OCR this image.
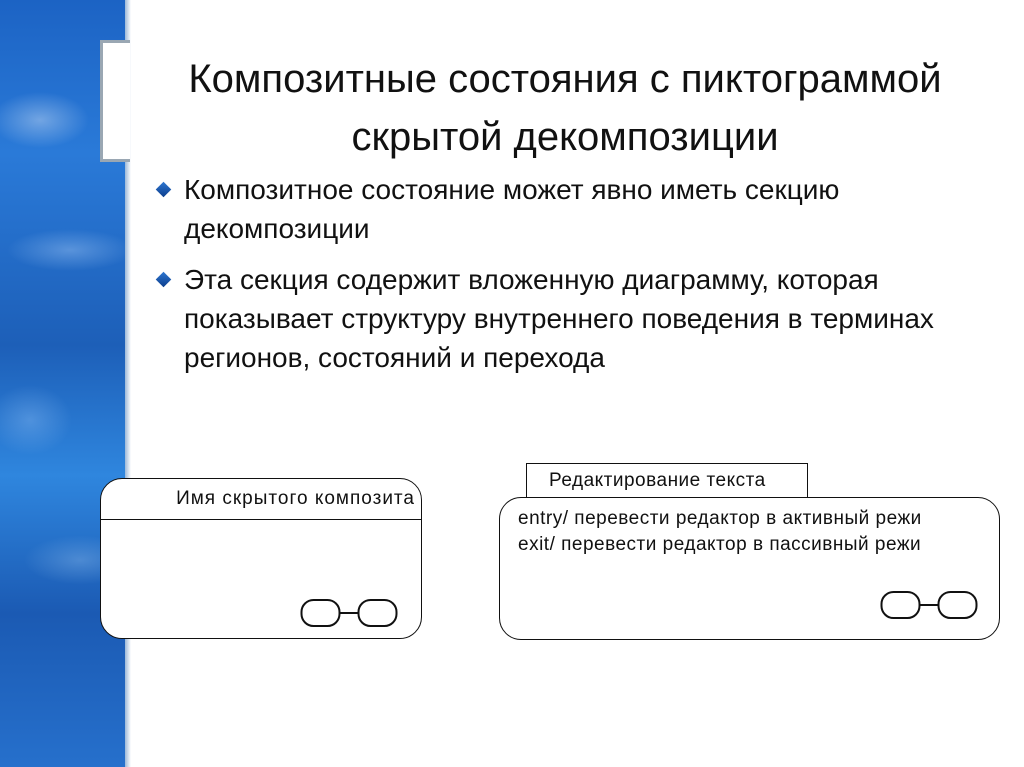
Композитные состояния с пиктограммой
скрытой декомпозиции
Композитное состояние может явно иметь секцию
декомпозиции
Эта секция содержит вложенную диаграмму, которая
показывает структуру внутреннего поведения в терминах
регионов, состояний и перехода
Имя скрытого композита
Редактирование текста
entry/ перевести редактор в активный режи
exit/ перевести редактор в пассивный режи
